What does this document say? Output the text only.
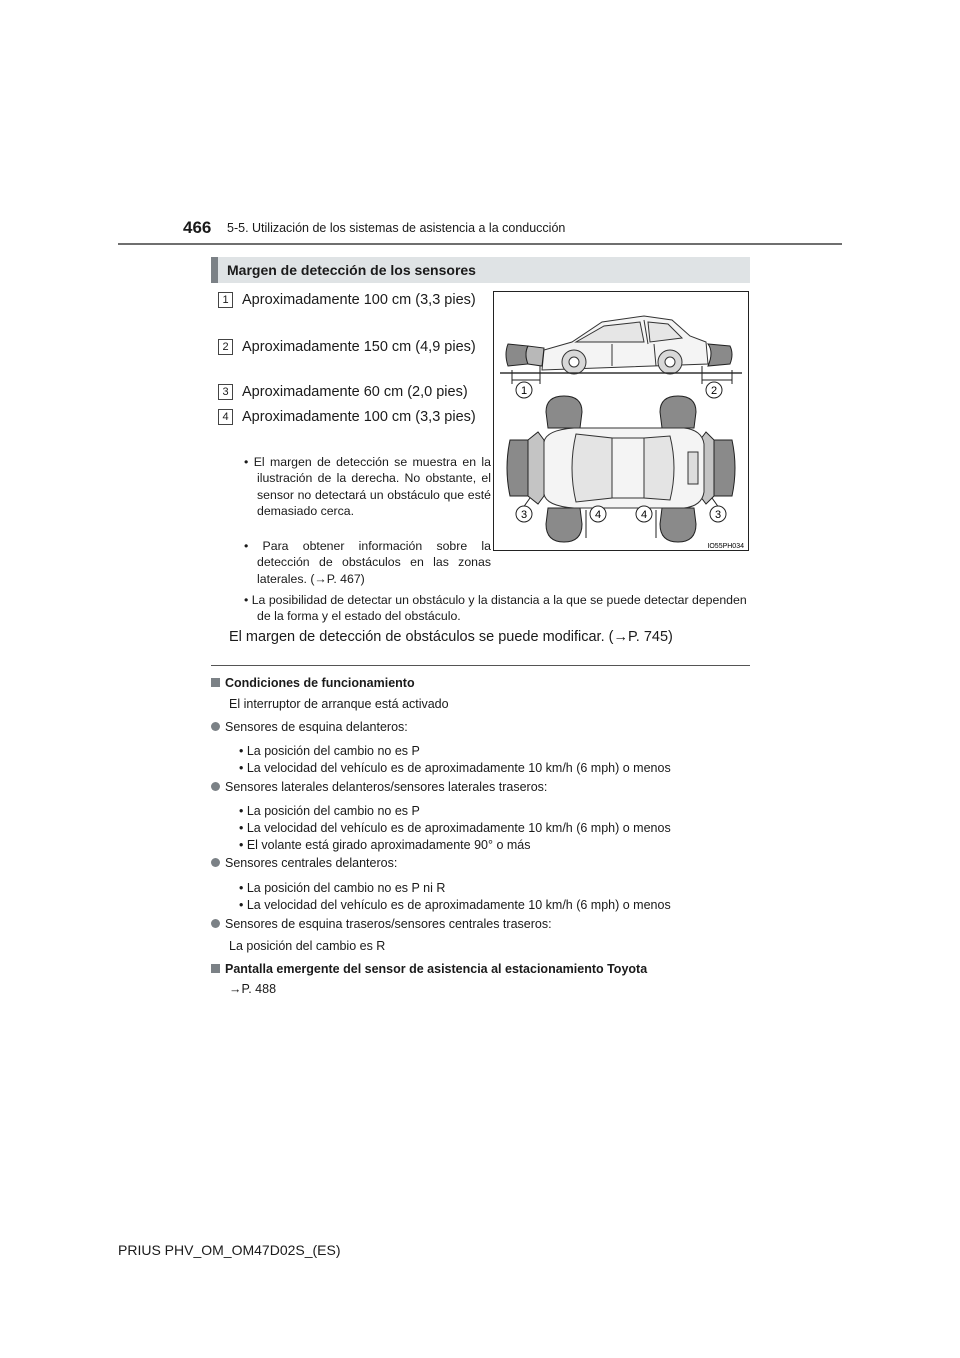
466 5-5. Utilización de los sistemas de asistencia a la conducción
Margen de detección de los sensores
1 Aproximadamente 100 cm (3,3 pies)
2 Aproximadamente 150 cm (4,9 pies)
3 Aproximadamente 60 cm (2,0 pies)
4 Aproximadamente 100 cm (3,3 pies)
• El margen de detección se muestra en la ilustración de la derecha. No obstante, el sensor no detectará un obstáculo que esté demasiado cerca.
• Para obtener información sobre la detección de obstáculos en las zonas laterales. (→P. 467)
• La posibilidad de detectar un obstáculo y la distancia a la que se puede detectar dependen de la forma y el estado del obstáculo.
El margen de detección de obstáculos se puede modificar. (→P. 745)
1	2
3	4	4	3
IO55PH034
Condiciones de funcionamiento
El interruptor de arranque está activado
Sensores de esquina delanteros:
• La posición del cambio no es P
• La velocidad del vehículo es de aproximadamente 10 km/h (6 mph) o menos
Sensores laterales delanteros/sensores laterales traseros:
• La posición del cambio no es P
• La velocidad del vehículo es de aproximadamente 10 km/h (6 mph) o menos
• El volante está girado aproximadamente 90° o más
Sensores centrales delanteros:
• La posición del cambio no es P ni R
• La velocidad del vehículo es de aproximadamente 10 km/h (6 mph) o menos
Sensores de esquina traseros/sensores centrales traseros:
La posición del cambio es R
Pantalla emergente del sensor de asistencia al estacionamiento Toyota
→P. 488
PRIUS PHV_OM_OM47D02S_(ES)
